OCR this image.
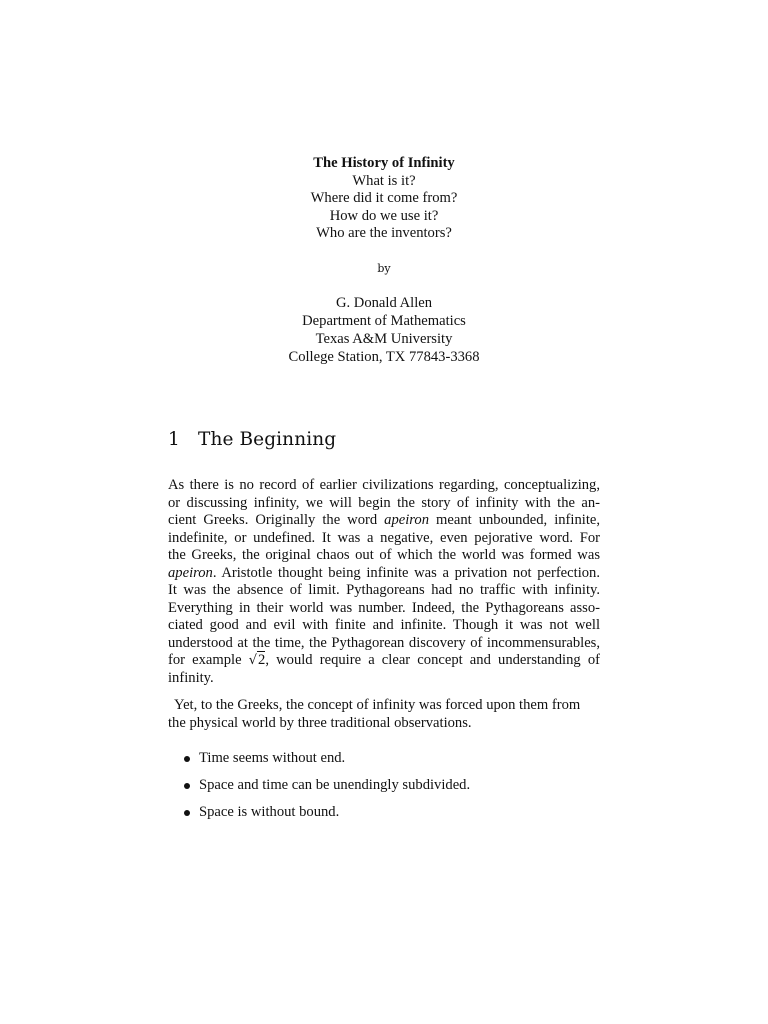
The History of Infinity
What is it?
Where did it come from?
How do we use it?
Who are the inventors?
by
G. Donald Allen
Department of Mathematics
Texas A&M University
College Station, TX 77843-3368
1 The Beginning
As there is no record of earlier civilizations regarding, conceptualizing,
or discussing infinity, we will begin the story of infinity with the an-
cient Greeks. Originally the word apeiron meant unbounded, infinite,
indefinite, or undefined. It was a negative, even pejorative word. For
the Greeks, the original chaos out of which the world was formed was
apeiron. Aristotle thought being infinite was a privation not perfection.
It was the absence of limit. Pythagoreans had no traffic with infinity.
Everything in their world was number. Indeed, the Pythagoreans asso-
ciated good and evil with finite and infinite. Though it was not well
understood at the time, the Pythagorean discovery of incommensurables,
for example √2, would require a clear concept and understanding of
infinity.
Yet, to the Greeks, the concept of infinity was forced upon them from
the physical world by three traditional observations.
Time seems without end.
Space and time can be unendingly subdivided.
Space is without bound.
